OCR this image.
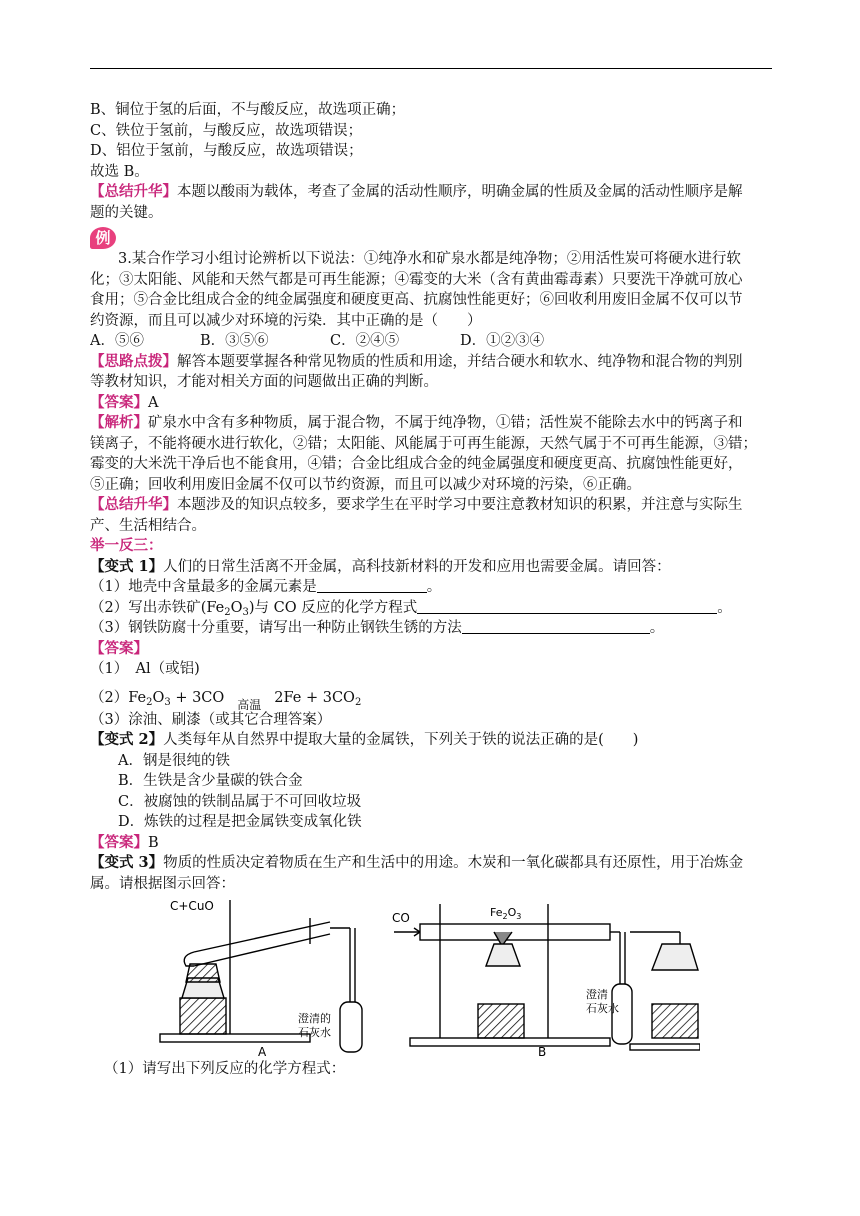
B、铜位于氢的后面，不与酸反应，故选项正确；
C、铁位于氢前，与酸反应，故选项错误；
D、铝位于氢前，与酸反应，故选项错误；
故选 B。
【总结升华】本题以酸雨为载体，考查了金属的活动性顺序，明确金属的性质及金属的活动性顺序是解
题的关键。
例
3.某合作学习小组讨论辨析以下说法：①纯净水和矿泉水都是纯净物；②用活性炭可将硬水进行软
化；③太阳能、风能和天然气都是可再生能源；④霉变的大米（含有黄曲霉毒素）只要洗干净就可放心
食用；⑤合金比组成合金的纯金属强度和硬度更高、抗腐蚀性能更好；⑥回收利用废旧金属不仅可以节
约资源，而且可以减少对环境的污染．其中正确的是（　　）
A．⑤⑥	B．③⑤⑥	C．②④⑤	D．①②③④
【思路点拨】解答本题要掌握各种常见物质的性质和用途，并结合硬水和软水、纯净物和混合物的判别
等教材知识，才能对相关方面的问题做出正确的判断。
【答案】A
【解析】矿泉水中含有多种物质，属于混合物，不属于纯净物，①错；活性炭不能除去水中的钙离子和
镁离子，不能将硬水进行软化，②错；太阳能、风能属于可再生能源，天然气属于不可再生能源，③错；
霉变的大米洗干净后也不能食用，④错；合金比组成合金的纯金属强度和硬度更高、抗腐蚀性能更好，
⑤正确；回收利用废旧金属不仅可以节约资源，而且可以减少对环境的污染，⑥正确。
【总结升华】本题涉及的知识点较多，要求学生在平时学习中要注意教材知识的积累，并注意与实际生
产、生活相结合。
举一反三：
【变式 1】人们的日常生活离不开金属，高科技新材料的开发和应用也需要金属。请回答：
（1）地壳中含量最多的金属元素是	。
（2）写出赤铁矿$(Fe_2O_3)$与 CO 反应的化学方程式	。
（3）钢铁防腐十分重要，请写出一种防止钢铁生锈的方法	。
【答案】
（1）　Al（或铝)
$(2)Fe_2O_3 + 3CO$	高温 $2Fe + 3CO_2$
（3）涂油、刷漆（或其它合理答案）
【变式 2】人类每年从自然界中提取大量的金属铁，下列关于铁的说法正确的是(　　)
A．钢是很纯的铁
B．生铁是含少量碳的铁合金
C．被腐蚀的铁制品属于不可回收垃圾
D．炼铁的过程是把金属铁变成氧化铁
【答案】B
【变式 3】物质的性质决定着物质在生产和生活中的用途。木炭和一氧化碳都具有还原性，用于冶炼金
属。请根据图示回答：
C+CuO
澄清的
石灰水
A
CO	$Fe_2O_3$
澄清
石灰水
B
（1）请写出下列反应的化学方程式：
